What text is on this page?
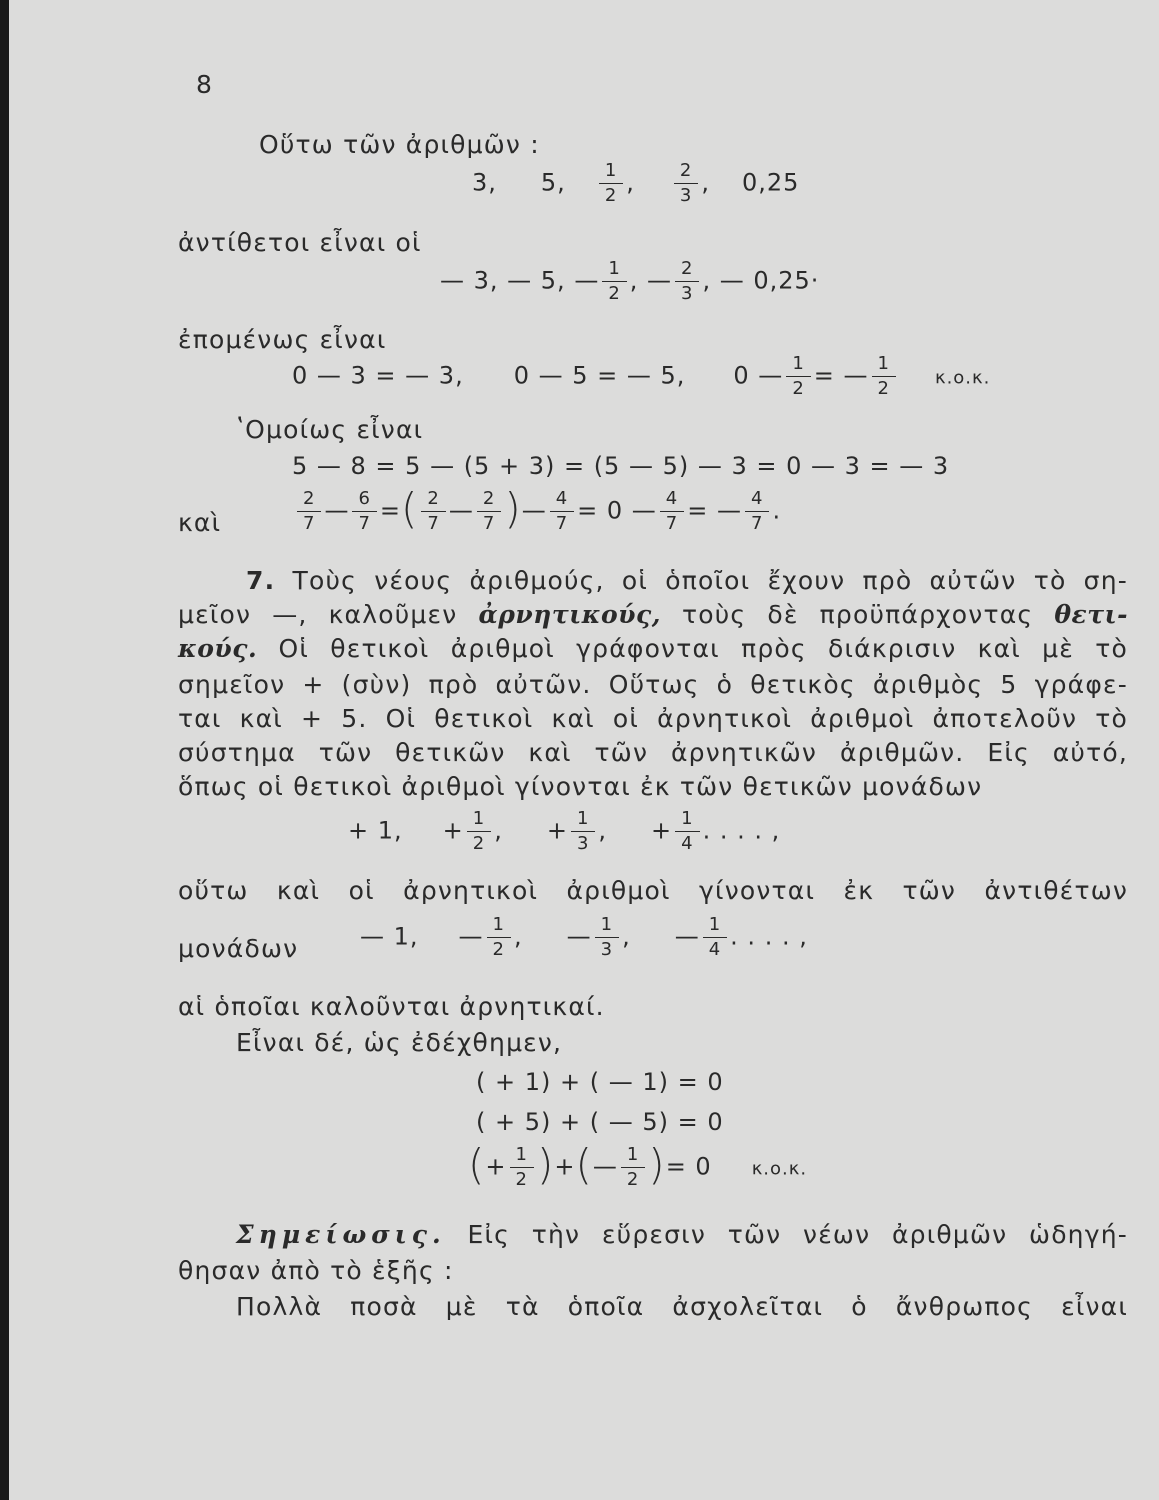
8
Οὕτω τῶν ἀριθμῶν :
3, 5, $\frac{1}{2}$ , $\frac{2}{3}$ , 0,25
ἀντίθετοι εἶναι οἱ
— 3, — 5, — $\frac{1}{2}$ , — $\frac{2}{3}$ , — 0,25·
ἐπομένως εἶναι
0 — 3 = — 3, 0 — 5 = — 5, 0 — $\frac{1}{2}$ = — $\frac{1}{2} \kappa.o.\kappa$.
ʽΟμοίως εἶναι
5 — 8 = 5 — (5 + 3) = (5 — 5) — 3 = 0 — 3 = — 3
καὶ	$\frac{2}{7}$ — $\frac{6}{7}$ =( $\frac{2}{7}$ — $\frac{2}{7}$ )— $\frac{4}{7} = 0$ — $\frac{4}{7}$ = — $\frac{4}{7}$ .
7. Τοὺς νέους ἀριθμούς, οἱ ὁποῖοι ἔχουν πρὸ αὐτῶν τὸ ση-
μεῖον —, καλοῦμεν ἀρνητικούς, τοὺς δὲ προϋπάρχοντας θετι-
κούς. Οἱ θετικοὶ ἀριθμοὶ γράφονται πρὸς διάκρισιν καὶ μὲ τὸ
σημεῖον + (σὺν) πρὸ αὐτῶν. Οὕτως ὁ θετικὸς ἀριθμὸς 5 γράφε-
ται καὶ + 5. Οἱ θετικοὶ καὶ οἱ ἀρνητικοὶ ἀριθμοὶ ἀποτελοῦν τὸ
σύστημα τῶν θετικῶν καὶ τῶν ἀρνητικῶν ἀριθμῶν. Εἰς αὐτό,
ὅπως οἱ θετικοὶ ἀριθμοὶ γίνονται ἐκ τῶν θετικῶν μονάδων
+ 1, + $\frac{1}{2}$ , + $\frac{1}{3}$ , + $\frac{1}{4}$ . . . . ,
οὕτω καὶ οἱ ἀρνητικοὶ ἀριθμοὶ γίνονται ἐκ τῶν ἀντιθέτων
μονάδων	— 1, — $\frac{1}{2}$ , — $\frac{1}{3}$ , — $\frac{1}{4}$ . . . . ,
αἱ ὁποῖαι καλοῦνται ἀρνητικαί.
Εἶναι δέ, ὡς ἐδέχθημεν,
( + 1) + ( — 1) = 0
( + 5) + ( — 5) = 0
(+ $\frac{1}{2}$ )+(— $\frac{1}{2}$ )= 0 κ.ο.κ.
Σημείωσις. Εἰς τὴν εὕρεσιν τῶν νέων ἀριθμῶν ὡδηγή-
θησαν ἀπὸ τὸ ἑξῆς :
Πολλὰ ποσὰ μὲ τὰ ὁποῖα ἀσχολεῖται ὁ ἄνθρωπος εἶναι
